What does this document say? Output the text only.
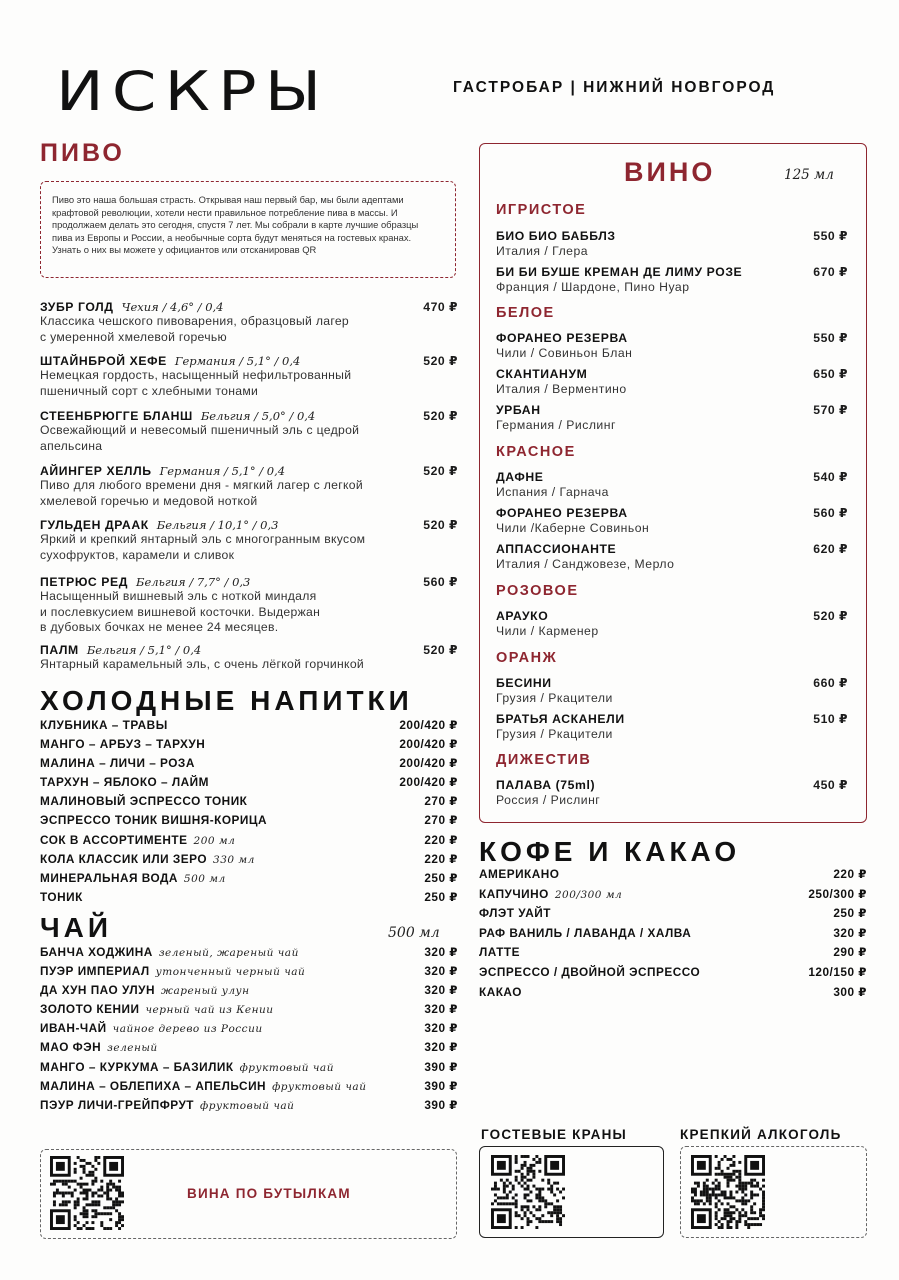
ИСКРЫ	ГАСТРОБАР | НИЖНИЙ НОВГОРОД
ПИВО
Пиво это наша большая страсть. Открывая наш первый бар, мы были адептами крафтовой революции, хотели нести правильное потребление пива в массы. И продолжаем делать это сегодня, спустя 7 лет. Мы собрали в карте лучшие образцы пива из Европы и России, а необычные сорта будут меняться на гостевых кранах. Узнать о них вы можете у официантов или отсканировав QR
ЗУБР ГОЛД Чехия / 4,6° / 0,4	470 ₽
Классика чешского пивоварения, образцовый лагер
с умеренной хмелевой горечью
ШТАЙНБРОЙ ХЕФЕ Германия / 5,1° / 0,4	520 ₽
Немецкая гордость, насыщенный нефильтрованный
пшеничный сорт с хлебными тонами
СТЕЕНБРЮГГЕ БЛАНШ Бельгия / 5,0° / 0,4	520 ₽
Освежайющий и невесомый пшеничный эль с цедрой
апельсина
АЙИНГЕР ХЕЛЛЬ Германия / 5,1° / 0,4	520 ₽
Пиво для любого времени дня - мягкий лагер с легкой
хмелевой горечью и медовой ноткой
ГУЛЬДЕН ДРААК Бельгия / 10,1° / 0,3	520 ₽
Яркий и крепкий янтарный эль с многогранным вкусом
сухофруктов, карамели и сливок
ПЕТРЮС РЕД Бельгия / 7,7° / 0,3	560 ₽
Насыщенный вишневый эль с ноткой миндаля
и послевкусием вишневой косточки. Выдержан
в дубовых бочках не менее 24 месяцев.
ПАЛМ Бельгия / 5,1° / 0,4	520 ₽
Янтарный карамельный эль, с очень лёгкой горчинкой
ХОЛОДНЫЕ НАПИТКИ
КЛУБНИКА – ТРАВЫ	200/420 ₽
МАНГО – АРБУЗ – ТАРХУН	200/420 ₽
МАЛИНА – ЛИЧИ – РОЗА	200/420 ₽
ТАРХУН – ЯБЛОКО – ЛАЙМ	200/420 ₽
МАЛИНОВЫЙ ЭСПРЕССО ТОНИК	270 ₽
ЭСПРЕССО ТОНИК ВИШНЯ-КОРИЦА	270 ₽
СОК В АССОРТИМЕНТЕ 200 мл	220 ₽
КОЛА КЛАССИК ИЛИ ЗЕРО 330 мл	220 ₽
МИНЕРАЛЬНАЯ ВОДА 500 мл	250 ₽
ТОНИК	250 ₽
ЧАЙ	500 мл
БАНЧА ХОДЖИНА зеленый, жареный чай	320 ₽
ПУЭР ИМПЕРИАЛ утонченный черный чай	320 ₽
ДА ХУН ПАО УЛУН жареный улун	320 ₽
ЗОЛОТО КЕНИИ черный чай из Кении	320 ₽
ИВАН-ЧАЙ чайное дерево из России	320 ₽
МАО ФЭН зеленый	320 ₽
МАНГО – КУРКУМА – БАЗИЛИК фруктовый чай	390 ₽
МАЛИНА – ОБЛЕПИХА – АПЕЛЬСИН фруктовый чай	390 ₽
ПЭУР ЛИЧИ-ГРЕЙПФРУТ фруктовый чай	390 ₽
ВИНО	125 мл
ИГРИСТОЕ
БИО БИО БАББЛЗ	550 ₽
Италия / Глера
БИ БИ БУШЕ КРЕМАН ДЕ ЛИМУ РОЗЕ	670 ₽
Франция / Шардоне, Пино Нуар
БЕЛОЕ
ФОРАНЕО РЕЗЕРВА	550 ₽
Чили / Совиньон Блан
СКАНТИАНУМ	650 ₽
Италия / Верментино
УРБАН	570 ₽
Германия / Рислинг
КРАСНОЕ
ДАФНЕ	540 ₽
Испания / Гарнача
ФОРАНЕО РЕЗЕРВА	560 ₽
Чили /Каберне Совиньон
АППАССИОНАНТЕ	620 ₽
Италия / Санджовезе, Мерло
РОЗОВОЕ
АРАУКО	520 ₽
Чили / Карменер
ОРАНЖ
БЕСИНИ	660 ₽
Грузия / Ркацители
БРАТЬЯ АСКАНЕЛИ	510 ₽
Грузия / Ркацители
ДИЖЕСТИВ
ПАЛАВА (75ml)	450 ₽
Россия / Рислинг
КОФЕ И КАКАО
АМЕРИКАНО	220 ₽
КАПУЧИНО 200/300 мл	250/300 ₽
ФЛЭТ УАЙТ	250 ₽
РАФ ВАНИЛЬ / ЛАВАНДА / ХАЛВА	320 ₽
ЛАТТЕ	290 ₽
ЭСПРЕССО / ДВОЙНОЙ ЭСПРЕССО	120/150 ₽
КАКАО	300 ₽
ВИНА ПО БУТЫЛКАМ
ГОСТЕВЫЕ КРАНЫ	КРЕПКИЙ АЛКОГОЛЬ
